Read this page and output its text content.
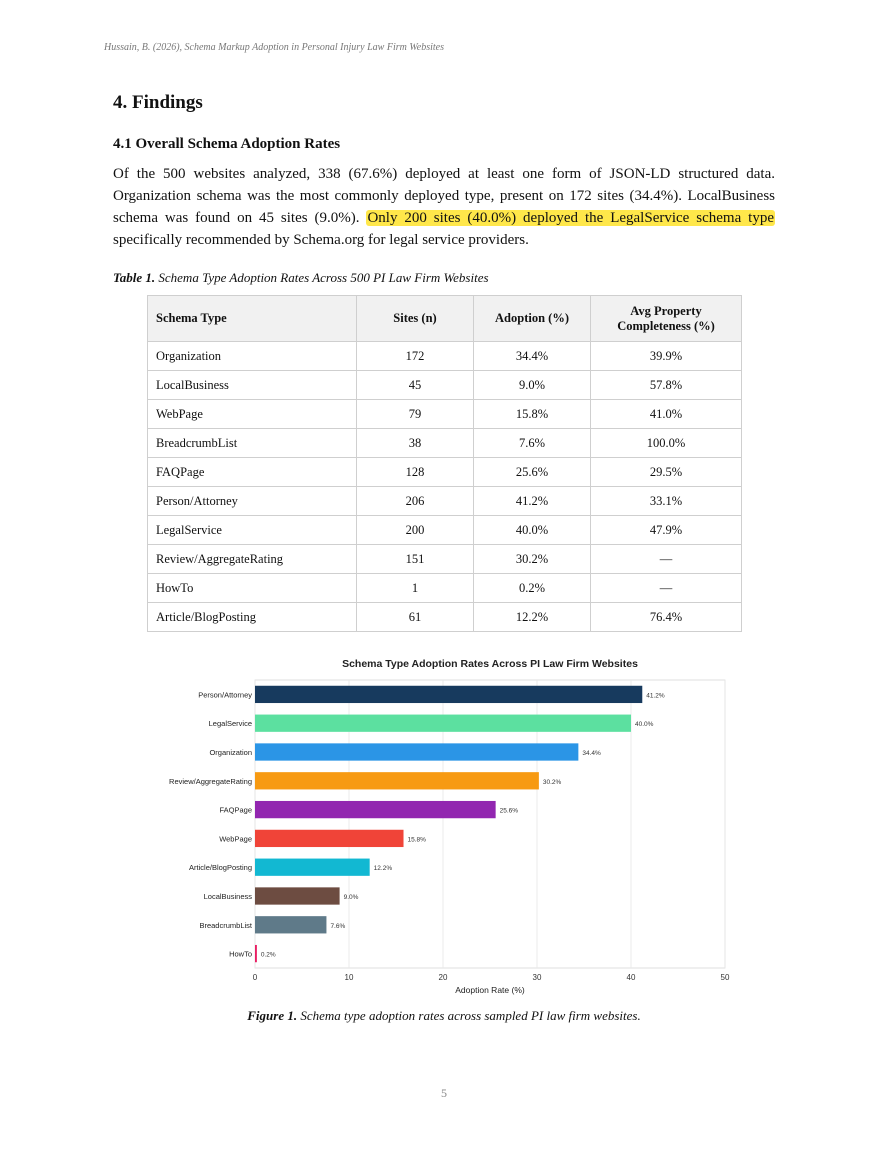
Hussain, B. (2026), Schema Markup Adoption in Personal Injury Law Firm Websites
4. Findings
4.1 Overall Schema Adoption Rates

Of the 500 websites analyzed, 338 (67.6%) deployed at least one form of JSON-LD structured data. Organization schema was the most commonly deployed type, present on 172 sites (34.4%). LocalBusiness schema was found on 45 sites (9.0%). Only 200 sites (40.0%) deployed the LegalService schema type specifically recommended by Schema.org for legal service providers.

Table 1. Schema Type Adoption Rates Across 500 PI Law Firm Websites
Schema Type	Sites (n)	Adoption (%)	Avg Property Completeness (%)
Organization	172	34.4%	39.9%
LocalBusiness	45	9.0%	57.8%
WebPage	79	15.8%	41.0%
BreadcrumbList	38	7.6%	100.0%
FAQPage	128	25.6%	29.5%
Person/Attorney	206	41.2%	33.1%
LegalService	200	40.0%	47.9%
Review/AggregateRating	151	30.2%	—
HowTo	1	0.2%	—
Article/BlogPosting	61	12.2%	76.4%
Schema Type Adoption Rates Across PI Law Firm Websites
0	10	20	30	40	50
Person/Attorney	41.2%
LegalService	40.0%
Organization	34.4%
Review/AggregateRating	30.2%
FAQPage	25.6%
WebPage	15.8%
Article/BlogPosting	12.2%
LocalBusiness	9.0%
BreadcrumbList	7.6%
HowTo 0.2%
Adoption Rate (%)
Figure 1. Schema type adoption rates across sampled PI law firm websites.
5
